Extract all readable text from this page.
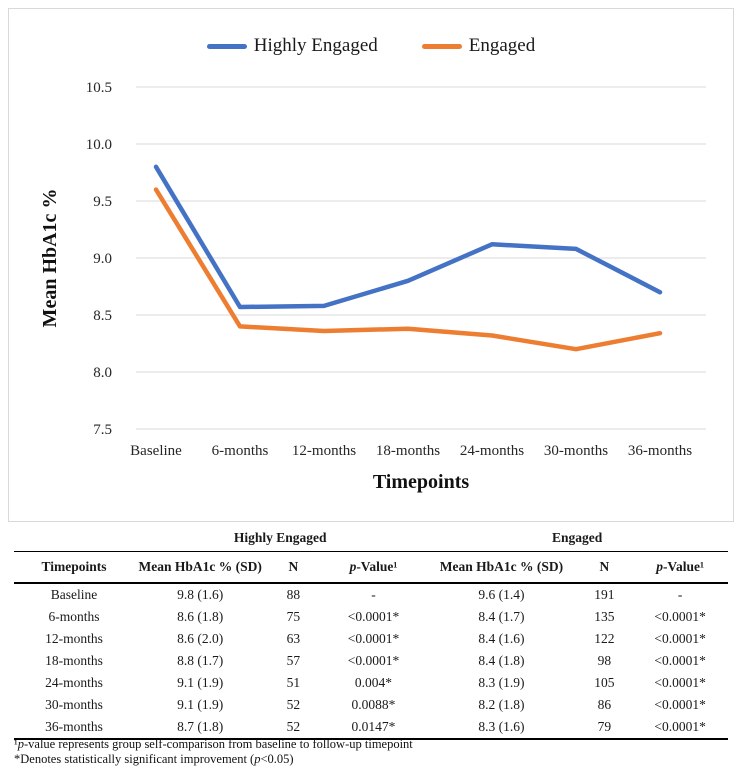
Highly Engaged	Engaged
10.5
10.0
9.5
9.0
8.5
8.0
7.5
Baseline 6-months 12-months 18-months 24-months 30-months 36-months
Timepoints
Mean HbA1c %
	Highly Engaged			Engaged		
Timepoints	Mean HbA1c % (SD)	N	p-Value¹	Mean HbA1c % (SD)	N	p-Value¹
Baseline	9.8 (1.6)	88	-	9.6 (1.4)	191	-
6-months	8.6 (1.8)	75	<0.0001*	8.4 (1.7)	135	<0.0001*
12-months	8.6 (2.0)	63	<0.0001*	8.4 (1.6)	122	<0.0001*
18-months	8.8 (1.7)	57	<0.0001*	8.4 (1.8)	98	<0.0001*
24-months	9.1 (1.9)	51	0.004*	8.3 (1.9)	105	<0.0001*
30-months	9.1 (1.9)	52	0.0088*	8.2 (1.8)	86	<0.0001*
36-months	8.7 (1.8)	52	0.0147*	8.3 (1.6)	79	<0.0001*

¹p-value represents group self-comparison from baseline to follow-up timepoint

*Denotes statistically significant improvement (p<0.05)
